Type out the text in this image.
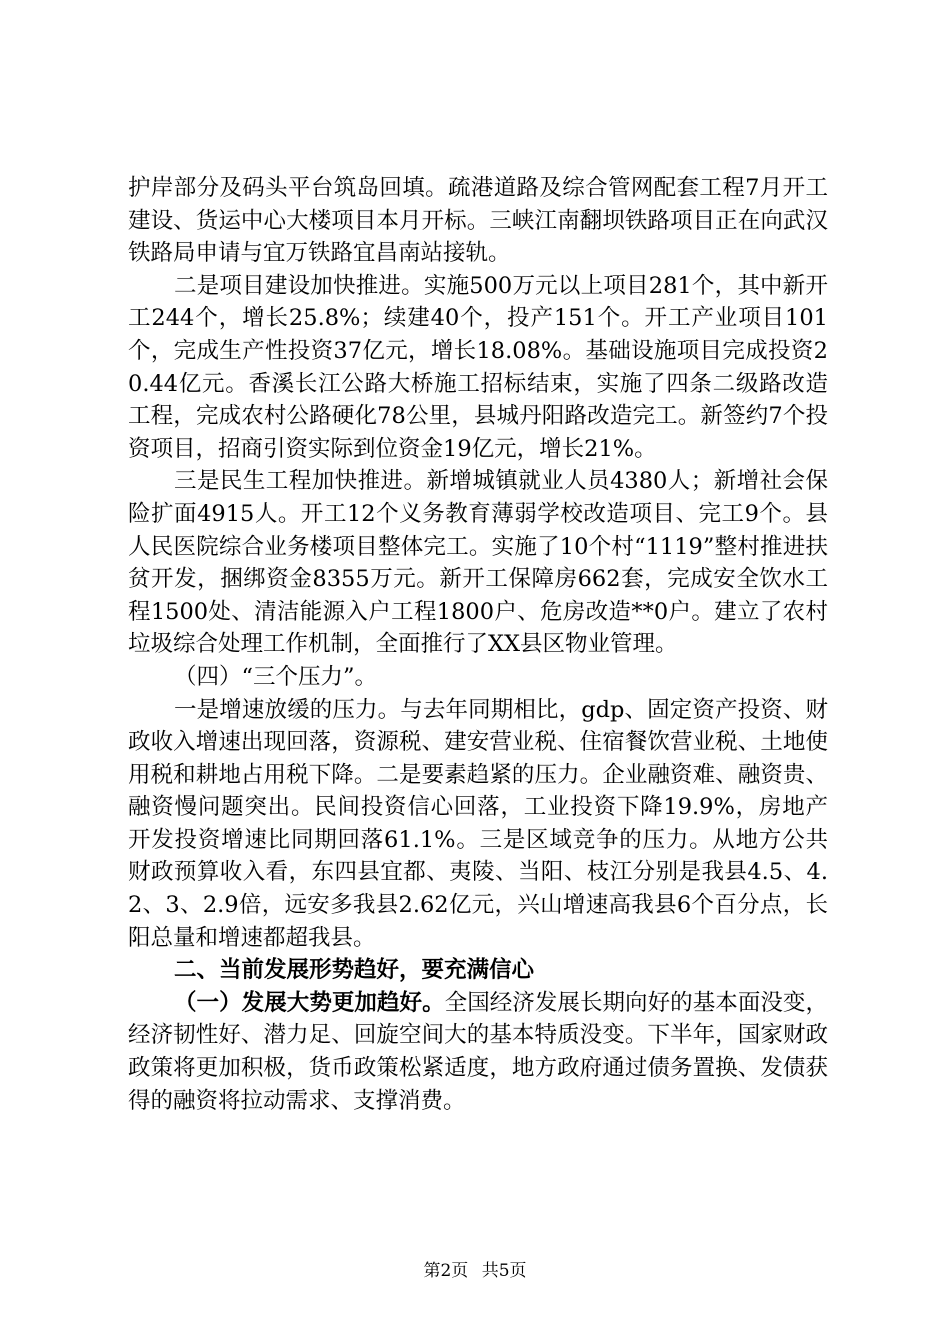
护岸部分及码头平台筑岛回填。疏港道路及综合管网配套工程7月开工建设、货运中心大楼项目本月开标。三峡江南翻坝铁路项目正在向武汉铁路局申请与宜万铁路宜昌南站接轨。

二是项目建设加快推进。实施500万元以上项目281个，其中新开工244个，增长25.8%；续建40个，投产151个。开工产业项目101个，完成生产性投资37亿元，增长18.08%。基础设施项目完成投资20.44亿元。香溪长江公路大桥施工招标结束，实施了四条二级路改造工程，完成农村公路硬化78公里，县城丹阳路改造完工。新签约7个投资项目，招商引资实际到位资金19亿元，增长21%。

三是民生工程加快推进。新增城镇就业人员4380人；新增社会保险扩面4915人。开工12个义务教育薄弱学校改造项目、完工9个。县人民医院综合业务楼项目整体完工。实施了10个村“1119”整村推进扶贫开发，捆绑资金8355万元。新开工保障房662套，完成安全饮水工程1500处、清洁能源入户工程1800户、危房改造**0户。建立了农村垃圾综合处理工作机制，全面推行了XX县区物业管理。

（四）“三个压力”。

一是增速放缓的压力。与去年同期相比，gdp、固定资产投资、财政收入增速出现回落，资源税、建安营业税、住宿餐饮营业税、土地使用税和耕地占用税下降。二是要素趋紧的压力。企业融资难、融资贵、融资慢问题突出。民间投资信心回落，工业投资下降19.9%，房地产开发投资增速比同期回落61.1%。三是区域竞争的压力。从地方公共财政预算收入看，东四县宜都、夷陵、当阳、枝江分别是我县4.5、4.2、3、2.9倍，远安多我县2.62亿元，兴山增速高我县6个百分点，长阳总量和增速都超我县。

二、当前发展形势趋好，要充满信心

（一）发展大势更加趋好。全国经济发展长期向好的基本面没变，经济韧性好、潜力足、回旋空间大的基本特质没变。下半年，国家财政政策将更加积极，货币政策松紧适度，地方政府通过债务置换、发债获得的融资将拉动需求、支撑消费。

第2页 共5页
